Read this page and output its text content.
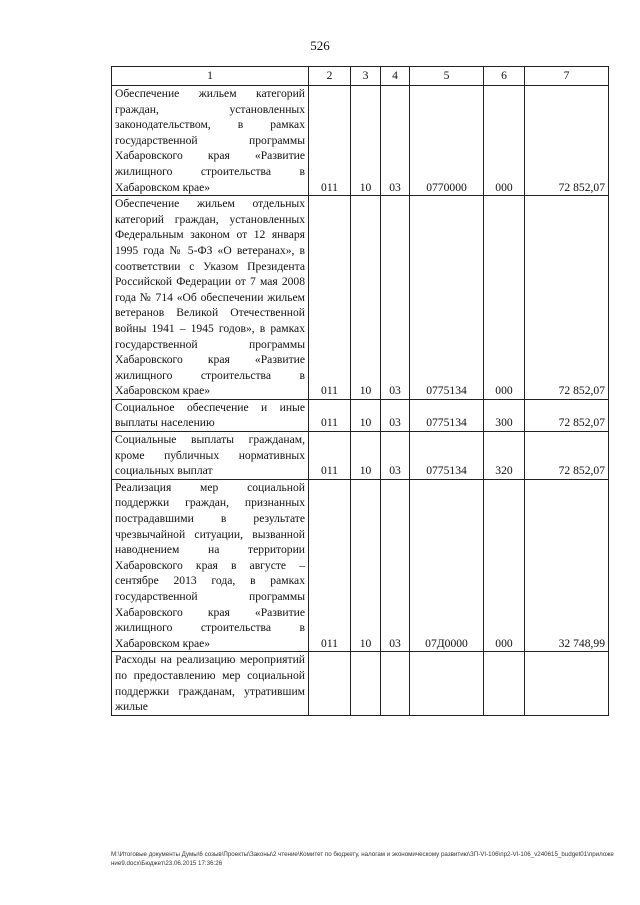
526
1	2	3	4	5	6	7
Обеспечение жильем категорий граждан, установленных законодательством, в рамках государственной программы Хабаровского края «Развитие жилищного строительства в Хабаровском крае»	011	10	03	0770000	000	72 852,07
Обеспечение жильем отдельных категорий граждан, установленных Федеральным законом от 12 января 1995 года № 5-ФЗ «О ветеранах», в соответствии с Указом Президента Российской Федерации от 7 мая 2008 года № 714 «Об обеспечении жильем ветеранов Великой Отечественной войны 1941 – 1945 годов», в рамках государственной программы Хабаровского края «Развитие жилищного строительства в Хабаровском крае»	011	10	03	0775134	000	72 852,07
Социальное обеспечение и иные выплаты населению	011	10	03	0775134	300	72 852,07
Социальные выплаты гражданам, кроме публичных нормативных социальных выплат	011	10	03	0775134	320	72 852,07
Реализация мер социальной поддержки граждан, признанных пострадавшими в результате чрезвычайной ситуации, вызванной наводнением на территории Хабаровского края в августе – сентябре 2013 года, в рамках государственной программы Хабаровского края «Развитие жилищного строительства в Хабаровском крае»	011	10	03	07Д0000	000	32 748,99
Расходы на реализацию мероприятий по предоставлению мер социальной поддержки гражданам, утратившим жилые						
M:\Итоговые документы Думы\6 созыв\Проекты\Законы\2 чтение\Комитет по бюджету, налогам и экономическому развитию\ЗП-VI-106\пр2-VI-106_v240615_budget01\приложение9.docx\Бюджет\23.06.2015 17:36:26
